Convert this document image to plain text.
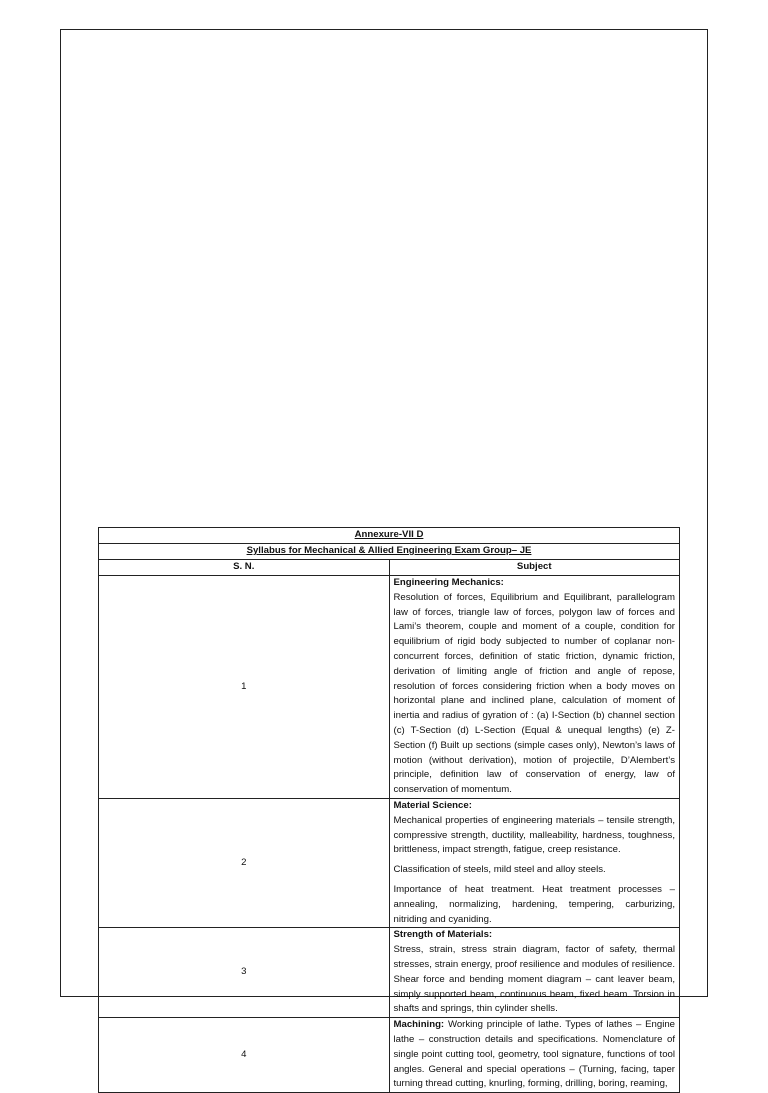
Annexure-VII D	
Syllabus for Mechanical & Allied Engineering Exam Group– JE	
S. N.	Subject
1	Engineering Mechanics:

Resolution of forces, Equilibrium and Equilibrant, parallelogram law of forces, triangle law of forces, polygon law of forces and Lami’s theorem, couple and moment of a couple, condition for equilibrium of rigid body subjected to number of coplanar non-concurrent forces, definition of static friction, dynamic friction, derivation of limiting angle of friction and angle of repose, resolution of forces considering friction when a body moves on horizontal plane and inclined plane, calculation of moment of inertia and radius of gyration of : (a) I-Section (b) channel section (c) T-Section (d) L-Section (Equal & unequal lengths) (e) Z-Section (f) Built up sections (simple cases only), Newton’s laws of motion (without derivation), motion of projectile, D’Alembert’s principle, definition law of conservation of energy, law of conservation of momentum.

2	Material Science:

Mechanical properties of engineering materials – tensile strength, compressive strength, ductility, malleability, hardness, toughness, brittleness, impact strength, fatigue, creep resistance.

Classification of steels, mild steel and alloy steels.

Importance of heat treatment. Heat treatment processes – annealing, normalizing, hardening, tempering, carburizing, nitriding and cyaniding.

3	Strength of Materials:

Stress, strain, stress strain diagram, factor of safety, thermal stresses, strain energy, proof resilience and modules of resilience. Shear force and bending moment diagram – cant leaver beam, simply supported beam, continuous beam, fixed beam. Torsion in shafts and springs, thin cylinder shells.

4	Machining: Working principle of lathe. Types of lathes – Engine lathe – construction details and specifications. Nomenclature of single point cutting tool, geometry, tool signature, functions of tool angles. General and special operations – (Turning, facing, taper turning thread cutting, knurling, forming, drilling, boring, reaming,
